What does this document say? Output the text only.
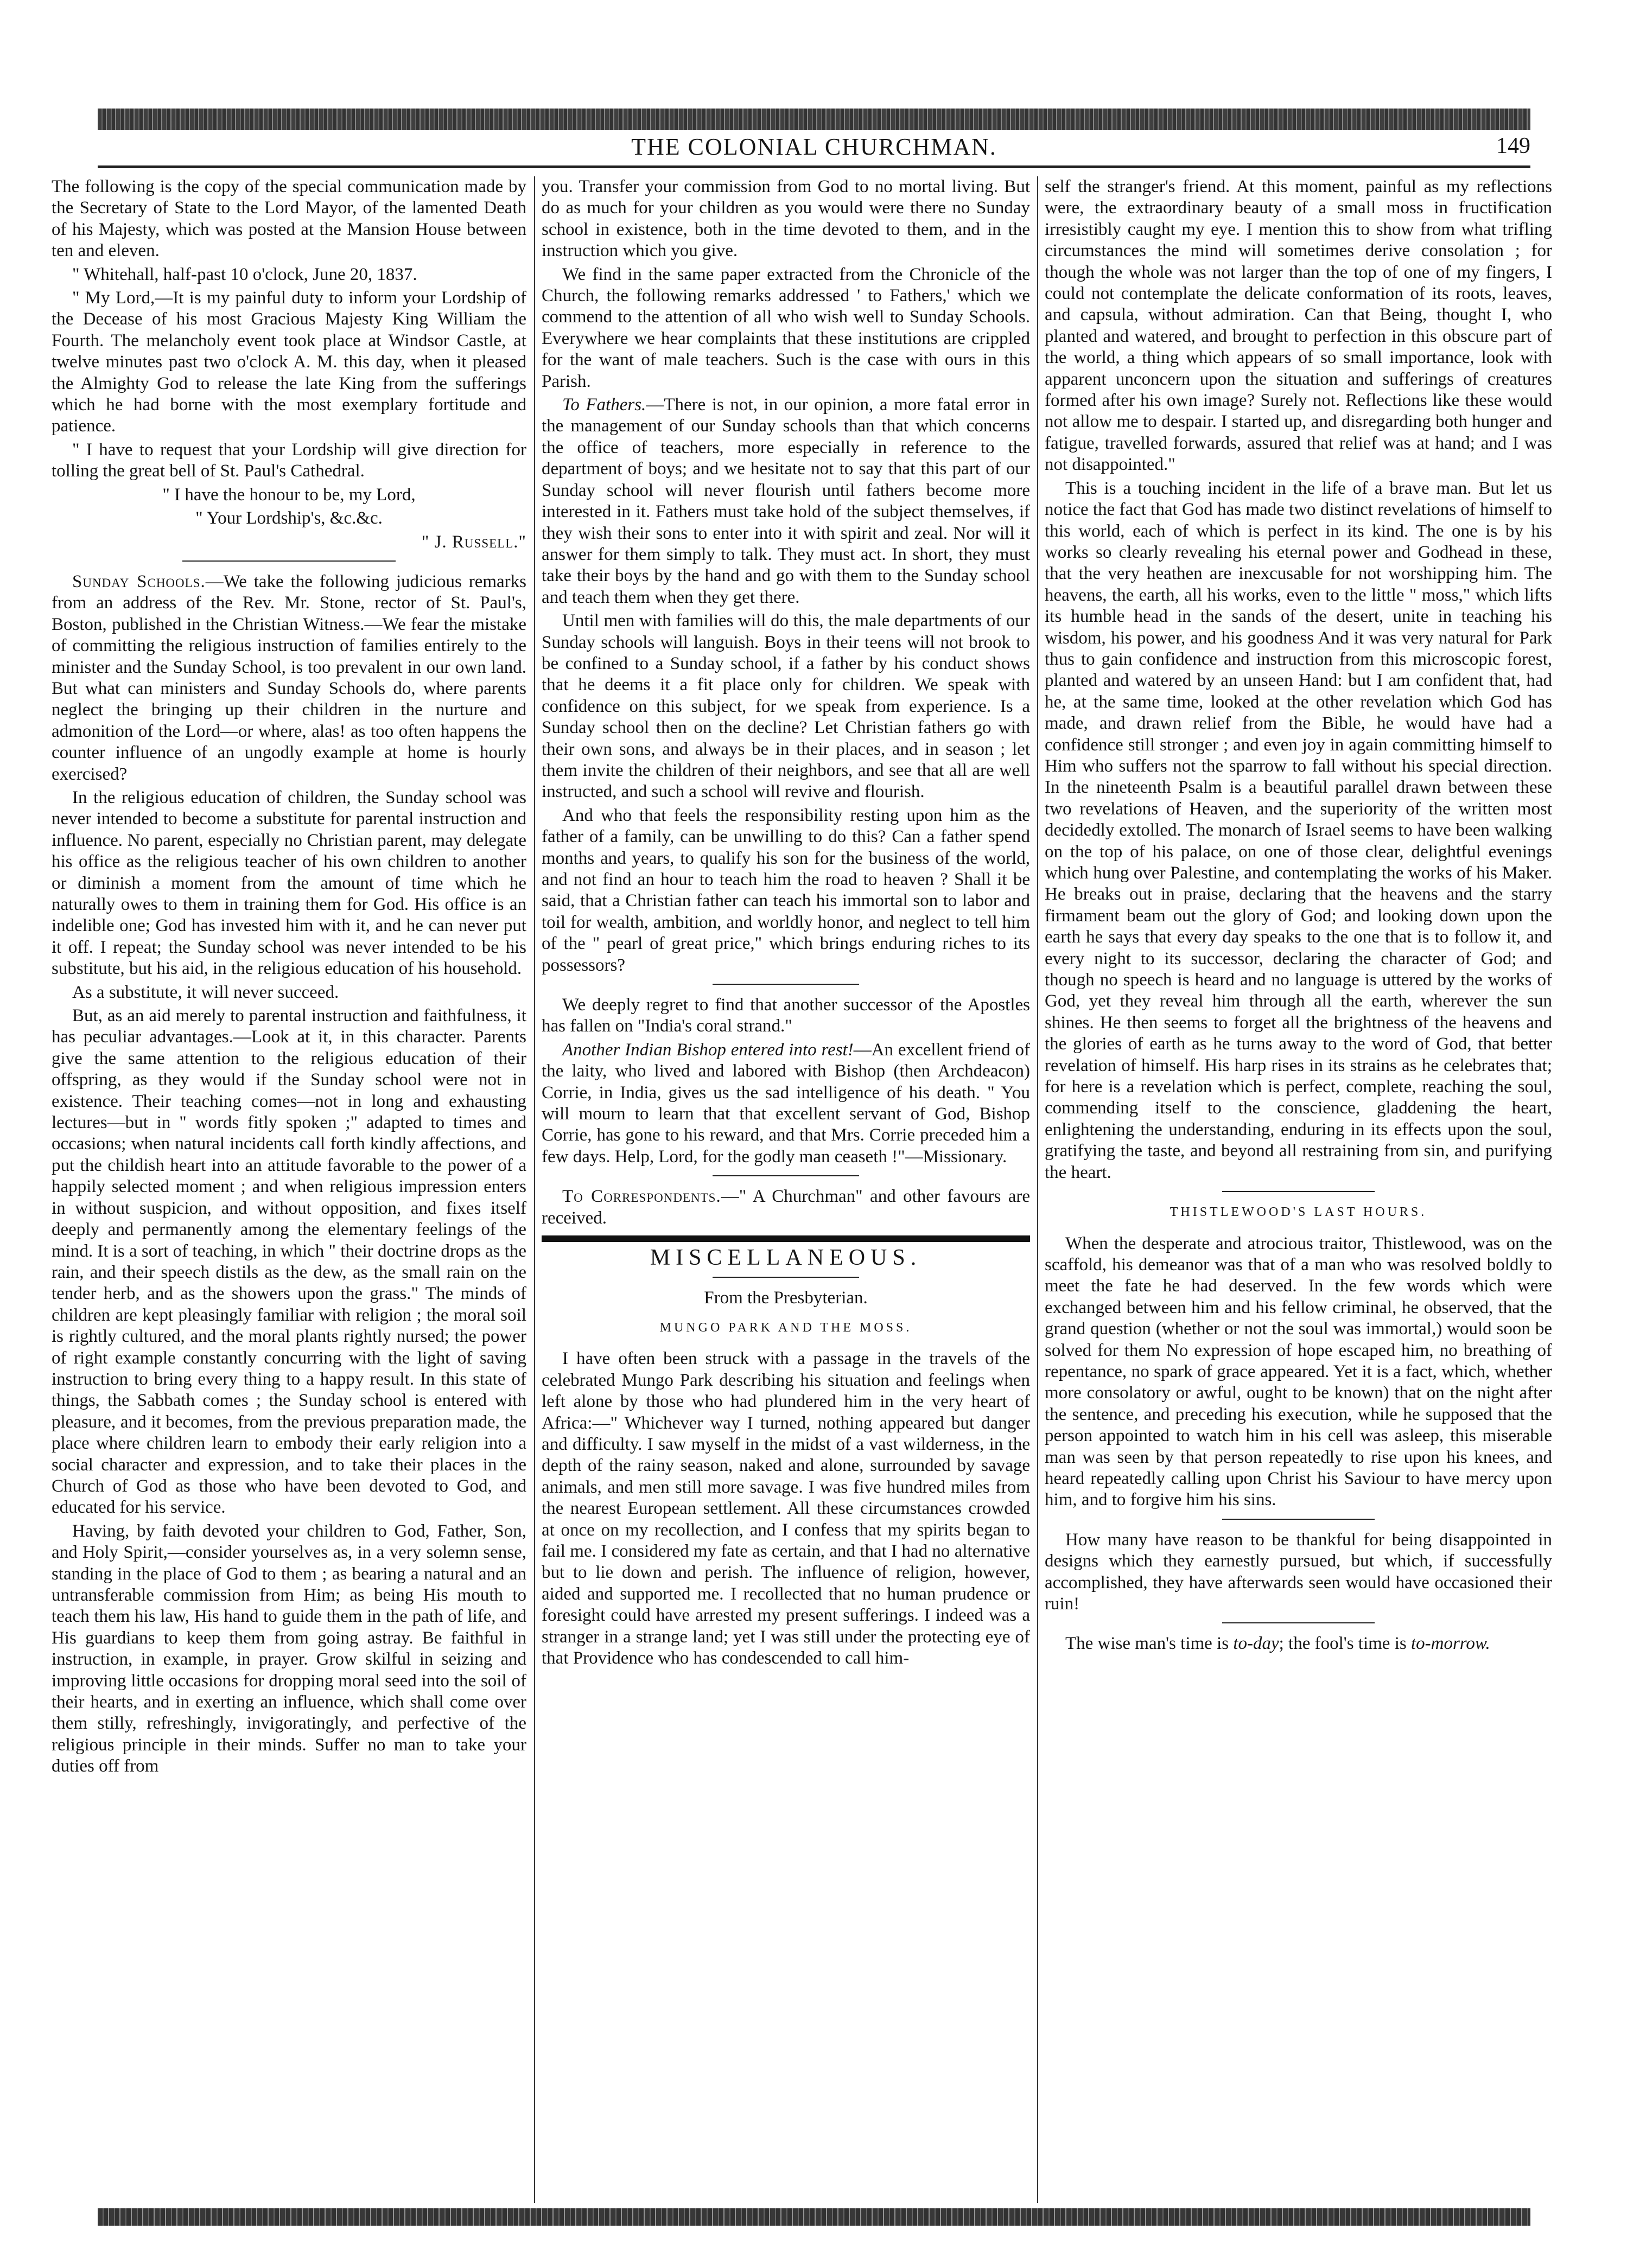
THE COLONIAL CHURCHMAN.	149

The following is the copy of the special communication made by the Secretary of State to the Lord Mayor, of the lamented Death of his Majesty, which was posted at the Mansion House between ten and eleven.

" Whitehall, half-past 10 o'clock, June 20, 1837.

" My Lord,—It is my painful duty to inform your Lordship of the Decease of his most Gracious Majesty King William the Fourth. The melancholy event took place at Windsor Castle, at twelve minutes past two o'clock A. M. this day, when it pleased the Almighty God to release the late King from the sufferings which he had borne with the most exemplary fortitude and patience.

" I have to request that your Lordship will give direction for tolling the great bell of St. Paul's Cathedral.

" I have the honour to be, my Lord,

" Your Lordship's, &c.&c.

" J. Russell."

Sunday Schools.—We take the following judicious remarks from an address of the Rev. Mr. Stone, rector of St. Paul's, Boston, published in the Christian Witness.—We fear the mistake of committing the religious instruction of families entirely to the minister and the Sunday School, is too prevalent in our own land. But what can ministers and Sunday Schools do, where parents neglect the bringing up their children in the nurture and admonition of the Lord—or where, alas! as too often happens the counter influence of an ungodly example at home is hourly exercised?

In the religious education of children, the Sunday school was never intended to become a substitute for parental instruction and influence. No parent, especially no Christian parent, may delegate his office as the religious teacher of his own children to another or diminish a moment from the amount of time which he naturally owes to them in training them for God. His office is an indelible one; God has invested him with it, and he can never put it off. I repeat; the Sunday school was never intended to be his substitute, but his aid, in the religious education of his household.

As a substitute, it will never succeed.

But, as an aid merely to parental instruction and faithfulness, it has peculiar advantages.—Look at it, in this character. Parents give the same attention to the religious education of their offspring, as they would if the Sunday school were not in existence. Their teaching comes—not in long and exhausting lectures—but in " words fitly spoken ;" adapted to times and occasions; when natural incidents call forth kindly affections, and put the childish heart into an attitude favorable to the power of a happily selected moment ; and when religious impression enters in without suspicion, and without opposition, and fixes itself deeply and permanently among the elementary feelings of the mind. It is a sort of teaching, in which " their doctrine drops as the rain, and their speech distils as the dew, as the small rain on the tender herb, and as the showers upon the grass." The minds of children are kept pleasingly familiar with religion ; the moral soil is rightly cultured, and the moral plants rightly nursed; the power of right example constantly concurring with the light of saving instruction to bring every thing to a happy result. In this state of things, the Sabbath comes ; the Sunday school is entered with pleasure, and it becomes, from the previous preparation made, the place where children learn to embody their early religion into a social character and expression, and to take their places in the Church of God as those who have been devoted to God, and educated for his service.

Having, by faith devoted your children to God, Father, Son, and Holy Spirit,—consider yourselves as, in a very solemn sense, standing in the place of God to them ; as bearing a natural and an untransferable commission from Him; as being His mouth to teach them his law, His hand to guide them in the path of life, and His guardians to keep them from going astray. Be faithful in instruction, in example, in prayer. Grow skilful in seizing and improving little occasions for dropping moral seed into the soil of their hearts, and in exerting an influence, which shall come over them stilly, refreshingly, invigoratingly, and perfective of the religious principle in their minds. Suffer no man to take your duties off from

you. Transfer your commission from God to no mortal living. But do as much for your children as you would were there no Sunday school in existence, both in the time devoted to them, and in the instruction which you give.

We find in the same paper extracted from the Chronicle of the Church, the following remarks addressed ' to Fathers,' which we commend to the attention of all who wish well to Sunday Schools. Everywhere we hear complaints that these institutions are crippled for the want of male teachers. Such is the case with ours in this Parish.

To Fathers.—There is not, in our opinion, a more fatal error in the management of our Sunday schools than that which concerns the office of teachers, more especially in reference to the department of boys; and we hesitate not to say that this part of our Sunday school will never flourish until fathers become more interested in it. Fathers must take hold of the subject themselves, if they wish their sons to enter into it with spirit and zeal. Nor will it answer for them simply to talk. They must act. In short, they must take their boys by the hand and go with them to the Sunday school and teach them when they get there.

Until men with families will do this, the male departments of our Sunday schools will languish. Boys in their teens will not brook to be confined to a Sunday school, if a father by his conduct shows that he deems it a fit place only for children. We speak with confidence on this subject, for we speak from experience. Is a Sunday school then on the decline? Let Christian fathers go with their own sons, and always be in their places, and in season ; let them invite the children of their neighbors, and see that all are well instructed, and such a school will revive and flourish.

And who that feels the responsibility resting upon him as the father of a family, can be unwilling to do this? Can a father spend months and years, to qualify his son for the business of the world, and not find an hour to teach him the road to heaven ? Shall it be said, that a Christian father can teach his immortal son to labor and toil for wealth, ambition, and worldly honor, and neglect to tell him of the " pearl of great price," which brings enduring riches to its possessors?

We deeply regret to find that another successor of the Apostles has fallen on "India's coral strand."

Another Indian Bishop entered into rest!—An excellent friend of the laity, who lived and labored with Bishop (then Archdeacon) Corrie, in India, gives us the sad intelligence of his death. " You will mourn to learn that that excellent servant of God, Bishop Corrie, has gone to his reward, and that Mrs. Corrie preceded him a few days. Help, Lord, for the godly man ceaseth !"—Missionary.

To Correspondents.—" A Churchman" and other favours are received.

MISCELLANEOUS.

From the Presbyterian.

MUNGO PARK AND THE MOSS.

I have often been struck with a passage in the travels of the celebrated Mungo Park describing his situation and feelings when left alone by those who had plundered him in the very heart of Africa:—" Whichever way I turned, nothing appeared but danger and difficulty. I saw myself in the midst of a vast wilderness, in the depth of the rainy season, naked and alone, surrounded by savage animals, and men still more savage. I was five hundred miles from the nearest European settlement. All these circumstances crowded at once on my recollection, and I confess that my spirits began to fail me. I considered my fate as certain, and that I had no alternative but to lie down and perish. The influence of religion, however, aided and supported me. I recollected that no human prudence or foresight could have arrested my present sufferings. I indeed was a stranger in a strange land; yet I was still under the protecting eye of that Providence who has condescended to call him-

self the stranger's friend. At this moment, painful as my reflections were, the extraordinary beauty of a small moss in fructification irresistibly caught my eye. I mention this to show from what trifling circumstances the mind will sometimes derive consolation ; for though the whole was not larger than the top of one of my fingers, I could not contemplate the delicate conformation of its roots, leaves, and capsula, without admiration. Can that Being, thought I, who planted and watered, and brought to perfection in this obscure part of the world, a thing which appears of so small importance, look with apparent unconcern upon the situation and sufferings of creatures formed after his own image? Surely not. Reflections like these would not allow me to despair. I started up, and disregarding both hunger and fatigue, travelled forwards, assured that relief was at hand; and I was not disappointed."

This is a touching incident in the life of a brave man. But let us notice the fact that God has made two distinct revelations of himself to this world, each of which is perfect in its kind. The one is by his works so clearly revealing his eternal power and Godhead in these, that the very heathen are inexcusable for not worshipping him. The heavens, the earth, all his works, even to the little " moss," which lifts its humble head in the sands of the desert, unite in teaching his wisdom, his power, and his goodness And it was very natural for Park thus to gain confidence and instruction from this microscopic forest, planted and watered by an unseen Hand: but I am confident that, had he, at the same time, looked at the other revelation which God has made, and drawn relief from the Bible, he would have had a confidence still stronger ; and even joy in again committing himself to Him who suffers not the sparrow to fall without his special direction. In the nineteenth Psalm is a beautiful parallel drawn between these two revelations of Heaven, and the superiority of the written most decidedly extolled. The monarch of Israel seems to have been walking on the top of his palace, on one of those clear, delightful evenings which hung over Palestine, and contemplating the works of his Maker. He breaks out in praise, declaring that the heavens and the starry firmament beam out the glory of God; and looking down upon the earth he says that every day speaks to the one that is to follow it, and every night to its successor, declaring the character of God; and though no speech is heard and no language is uttered by the works of God, yet they reveal him through all the earth, wherever the sun shines. He then seems to forget all the brightness of the heavens and the glories of earth as he turns away to the word of God, that better revelation of himself. His harp rises in its strains as he celebrates that; for here is a revelation which is perfect, complete, reaching the soul, commending itself to the conscience, gladdening the heart, enlightening the understanding, enduring in its effects upon the soul, gratifying the taste, and beyond all restraining from sin, and purifying the heart.

THISTLEWOOD'S LAST HOURS.

When the desperate and atrocious traitor, Thistlewood, was on the scaffold, his demeanor was that of a man who was resolved boldly to meet the fate he had deserved. In the few words which were exchanged between him and his fellow criminal, he observed, that the grand question (whether or not the soul was immortal,) would soon be solved for them No expression of hope escaped him, no breathing of repentance, no spark of grace appeared. Yet it is a fact, which, whether more consolatory or awful, ought to be known) that on the night after the sentence, and preceding his execution, while he supposed that the person appointed to watch him in his cell was asleep, this miserable man was seen by that person repeatedly to rise upon his knees, and heard repeatedly calling upon Christ his Saviour to have mercy upon him, and to forgive him his sins.

How many have reason to be thankful for being disappointed in designs which they earnestly pursued, but which, if successfully accomplished, they have afterwards seen would have occasioned their ruin!

The wise man's time is to-day; the fool's time is to-morrow.
